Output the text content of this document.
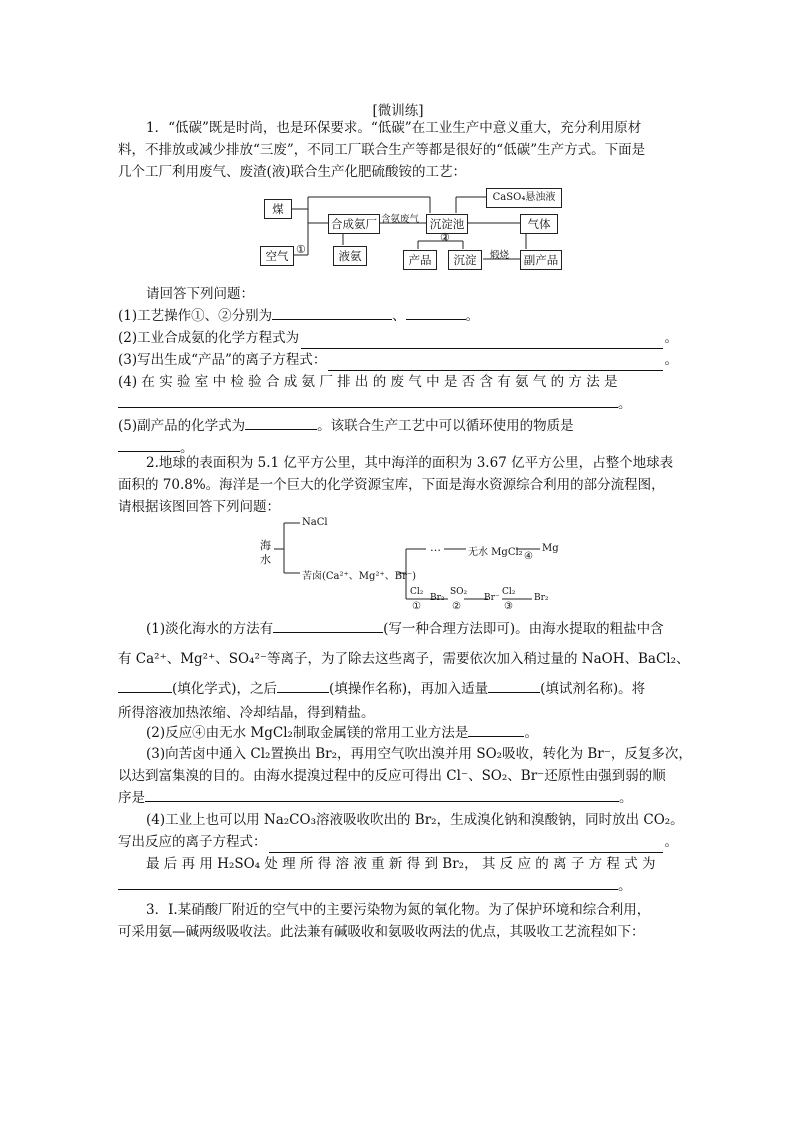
[微训练]
1．“低碳”既是时尚，也是环保要求。“低碳”在工业生产中意义重大，充分利用原材
料，不排放或减少排放“三废”，不同工厂联合生产等都是很好的“低碳”生产方式。下面是
几个工厂利用废气、废渣(液)联合生产化肥硫酸铵的工艺：
煤
空气 ①
合成氨厂
液氨
含氨废气 沉淀池
CaSO₄悬浊液
②
气体
产品	沉淀	煅烧	副产品
请回答下列问题：
(1)工艺操作①、②分别为	、	。
(2)工业合成氨的化学方程式为	。
(3)写出生成“产品”的离子方程式：	。
(4) 在 实 验 室 中 检 验 合 成 氨 厂 排 出 的 废 气 中 是 否 含 有 氨 气 的 方 法 是
。
(5)副产品的化学式为	。该联合生产工艺中可以循环使用的物质是
。
2.地球的表面积为 5.1 亿平方公里，其中海洋的面积为 3.67 亿平方公里，占整个地球表
面积的 70.8%。海洋是一个巨大的化学资源宝库，下面是海水资源综合利用的部分流程图，
请根据该图回答下列问题：
海
水
NaCl
苦卤(Ca²⁺、Mg²⁺、Br⁻)
…	无水 MgCl₂ ④
Mg
Cl₂
①
Br₂
SO₂
②
Br⁻
Cl₂
③
Br₂
(1)淡化海水的方法有	(写一种合理方法即可)。由海水提取的粗盐中含
有 Ca²⁺、Mg²⁺、SO₄²⁻等离子，为了除去这些离子，需要依次加入稍过量的 NaOH、BaCl₂、
(填化学式)，之后	(填操作名称)，再加入适量	(填试剂名称)。将
所得溶液加热浓缩、冷却结晶，得到精盐。
(2)反应④由无水 MgCl₂制取金属镁的常用工业方法是	。
(3)向苦卤中通入 Cl₂置换出 Br₂，再用空气吹出溴并用 SO₂吸收，转化为 Br⁻，反复多次，
以达到富集溴的目的。由海水提溴过程中的反应可得出 Cl⁻、SO₂、Br⁻还原性由强到弱的顺
序是	。
(4)工业上也可以用 Na₂CO₃溶液吸收吹出的 Br₂，生成溴化钠和溴酸钠，同时放出 CO₂。
写出反应的离子方程式：	。
最 后 再 用 H₂SO₄ 处 理 所 得 溶 液 重 新 得 到 Br₂， 其 反 应 的 离 子 方 程 式 为
。
3．Ⅰ.某硝酸厂附近的空气中的主要污染物为氮的氧化物。为了保护环境和综合利用，
可采用氨—碱两级吸收法。此法兼有碱吸收和氨吸收两法的优点，其吸收工艺流程如下：
